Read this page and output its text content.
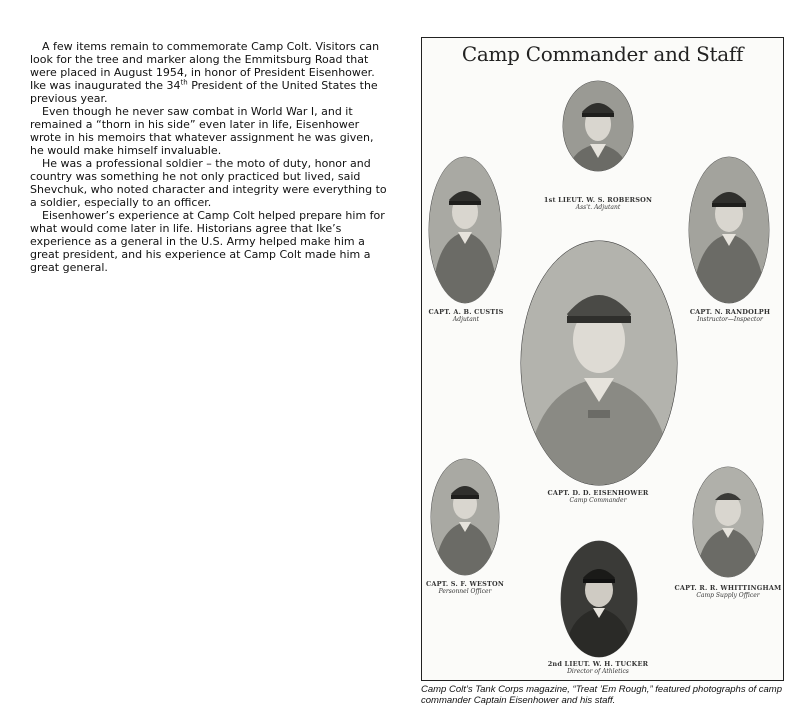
A few items remain to commemorate Camp Colt. Visitors can look for the tree and marker along the Emmitsburg Road that were placed in August 1954, in honor of President Eisenhower. Ike was inaugurated the 34th President of the United States the previous year.

Even though he never saw combat in World War I, and it remained a “thorn in his side” even later in life, Eisenhower wrote in his memoirs that whatever assignment he was given, he would make himself invaluable.

He was a professional soldier – the moto of duty, honor and country was something he not only practiced but lived, said Shevchuk, who noted character and integrity were everything to a soldier, especially to an officer.

Eisenhower’s experience at Camp Colt helped prepare him for what would come later in life. Historians agree that Ike’s experience as a general in the U.S. Army helped make him a great president, and his experience at Camp Colt made him a great general.

Camp Commander and Staff
1st LIEUT. W. S. ROBERSON
Ass't. Adjutant
CAPT. A. B. CUSTIS
Adjutant
CAPT. N. RANDOLPH
Instructor—Inspector
CAPT. D. D. EISENHOWER
Camp Commander
CAPT. S. F. WESTON
Personnel Officer	CAPT. R. R. WHITTINGHAM
Camp Supply Officer
2nd LIEUT. W. H. TUCKER
Director of Athletics
Camp Colt’s Tank Corps magazine, “Treat ’Em Rough,” featured photographs of camp commander Captain Eisenhower and his staff.
